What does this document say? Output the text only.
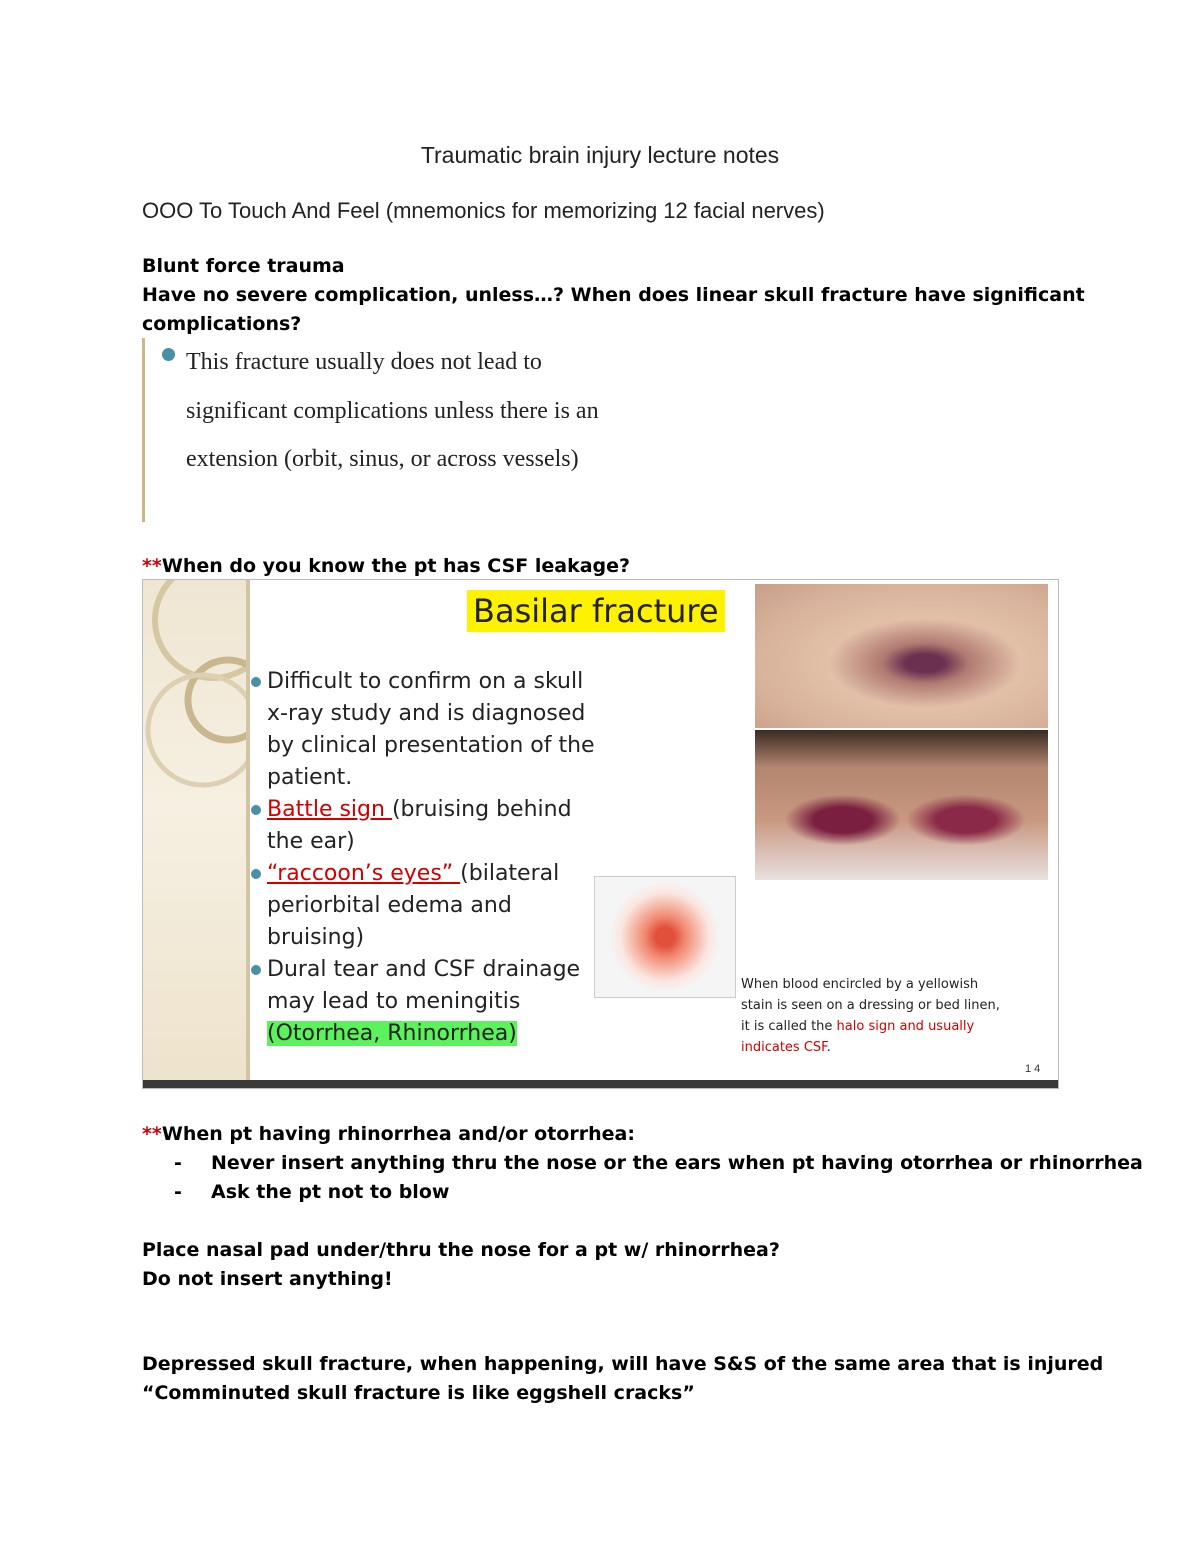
Traumatic brain injury lecture notes
OOO To Touch And Feel (mnemonics for memorizing 12 facial nerves)
Blunt force trauma
Have no severe complication, unless…? When does linear skull fracture have significant
complications?
This fracture usually does not lead to significant complications unless there is an extension (orbit, sinus, or across vessels)
**When do you know the pt has CSF leakage?
Basilar fracture
Difficult to confirm on a skull x-ray study and is diagnosed by clinical presentation of the patient.
Battle sign (bruising behind the ear)
“raccoon’s eyes” (bilateral periorbital edema and bruising)
Dural tear and CSF drainage may lead to meningitis
(Otorrhea, Rhinorrhea)
When blood encircled by a yellowish stain is seen on a dressing or bed linen, it is called the halo sign and usually indicates CSF.
1 4
**When pt having rhinorrhea and/or otorrhea:
- Never insert anything thru the nose or the ears when pt having otorrhea or rhinorrhea
- Ask the pt not to blow
Place nasal pad under/thru the nose for a pt w/ rhinorrhea?
Do not insert anything!
Depressed skull fracture, when happening, will have S&S of the same area that is injured
“Comminuted skull fracture is like eggshell cracks”
